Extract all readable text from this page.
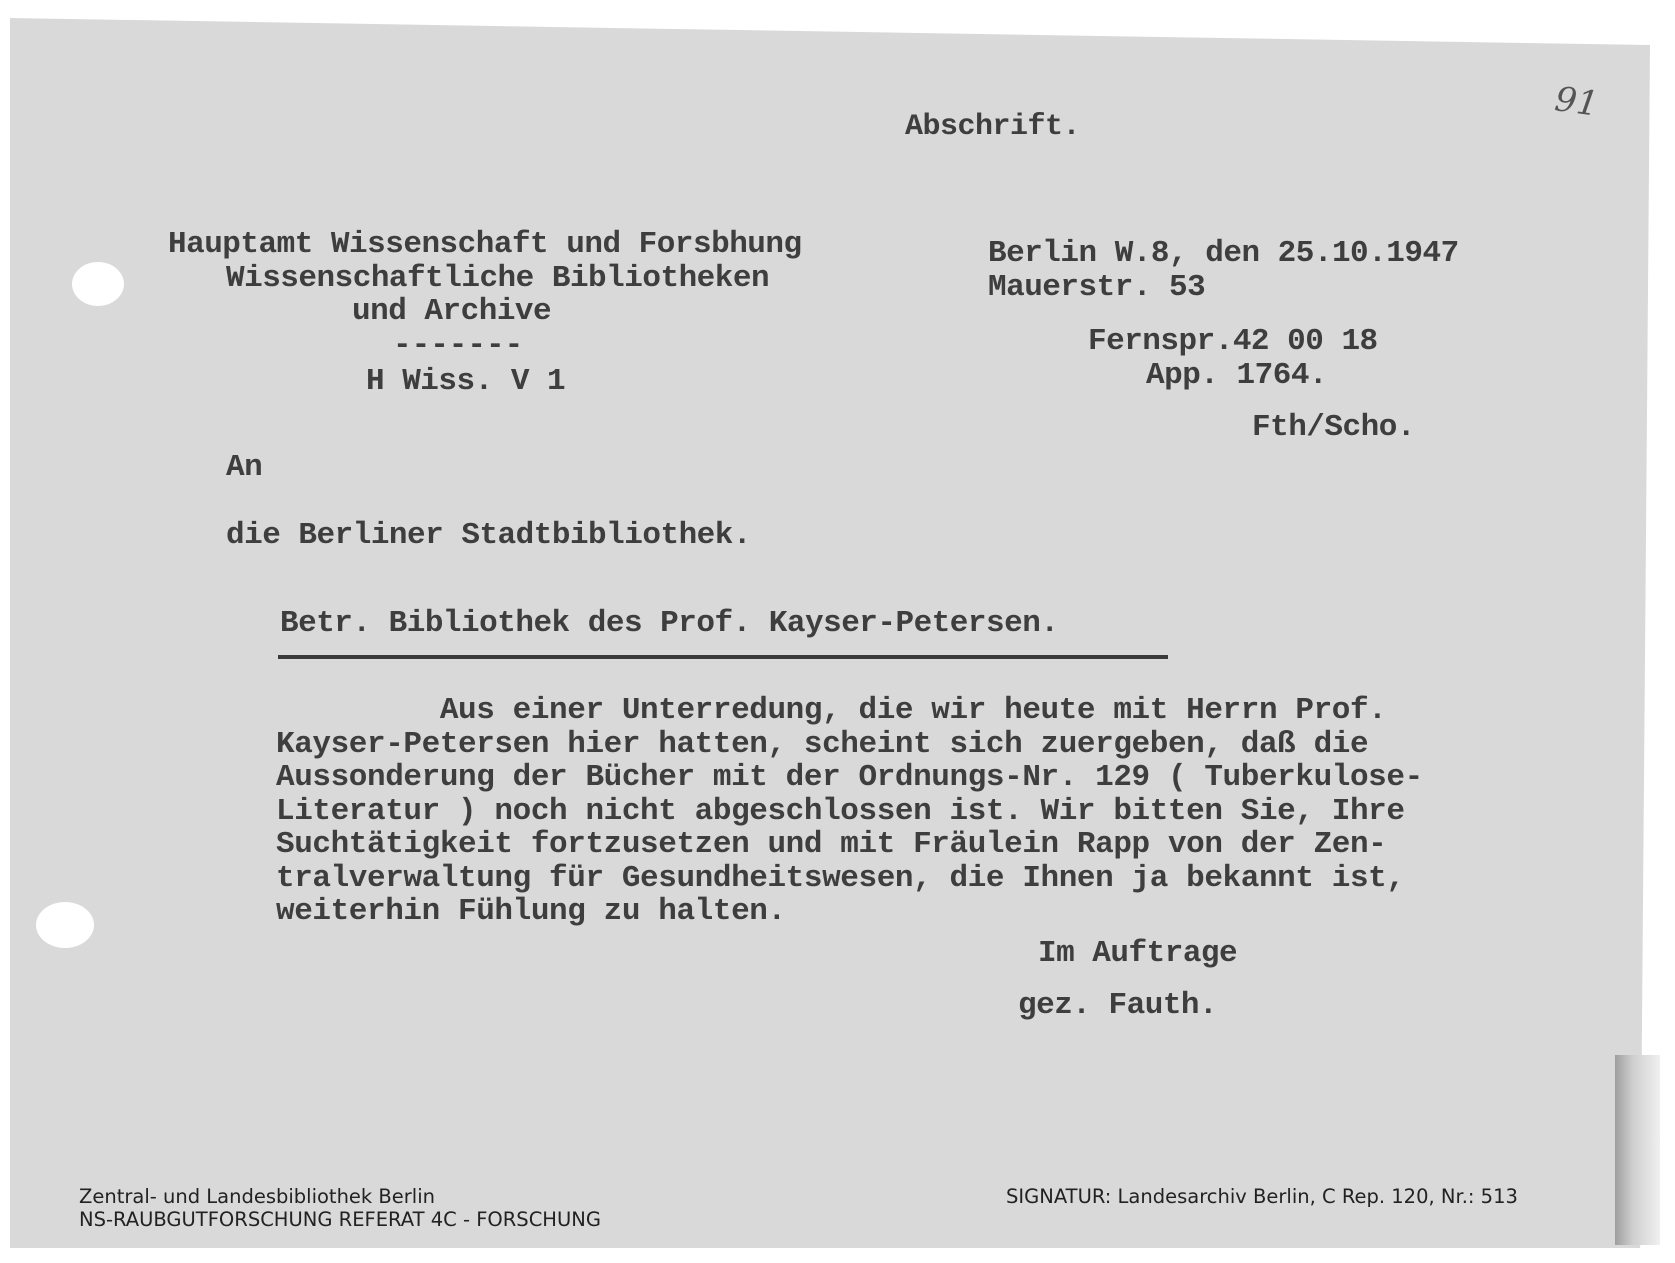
91
Abschrift.
Hauptamt Wissenschaft und Forsbhung
Wissenschaftliche Bibliotheken
und Archive
-------
H Wiss. V 1
Berlin W.8, den 25.10.1947
Mauerstr. 53
Fernspr.42 00 18
App. 1764.
Fth/Scho.
An
die Berliner Stadtbibliothek.
Betr. Bibliothek des Prof. Kayser-Petersen.
Aus einer Unterredung, die wir heute mit Herrn Prof.
Kayser-Petersen hier hatten, scheint sich zuergeben, daß die
Aussonderung der Bücher mit der Ordnungs-Nr. 129 ( Tuberkulose-
Literatur ) noch nicht abgeschlossen ist. Wir bitten Sie, Ihre
Suchtätigkeit fortzusetzen und mit Fräulein Rapp von der Zen-
tralverwaltung für Gesundheitswesen, die Ihnen ja bekannt ist,
weiterhin Fühlung zu halten.
Im Auftrage
gez. Fauth.
Zentral- und Landesbibliothek Berlin
NS-RAUBGUTFORSCHUNG REFERAT 4C - FORSCHUNG
SIGNATUR: Landesarchiv Berlin, C Rep. 120, Nr.: 513
